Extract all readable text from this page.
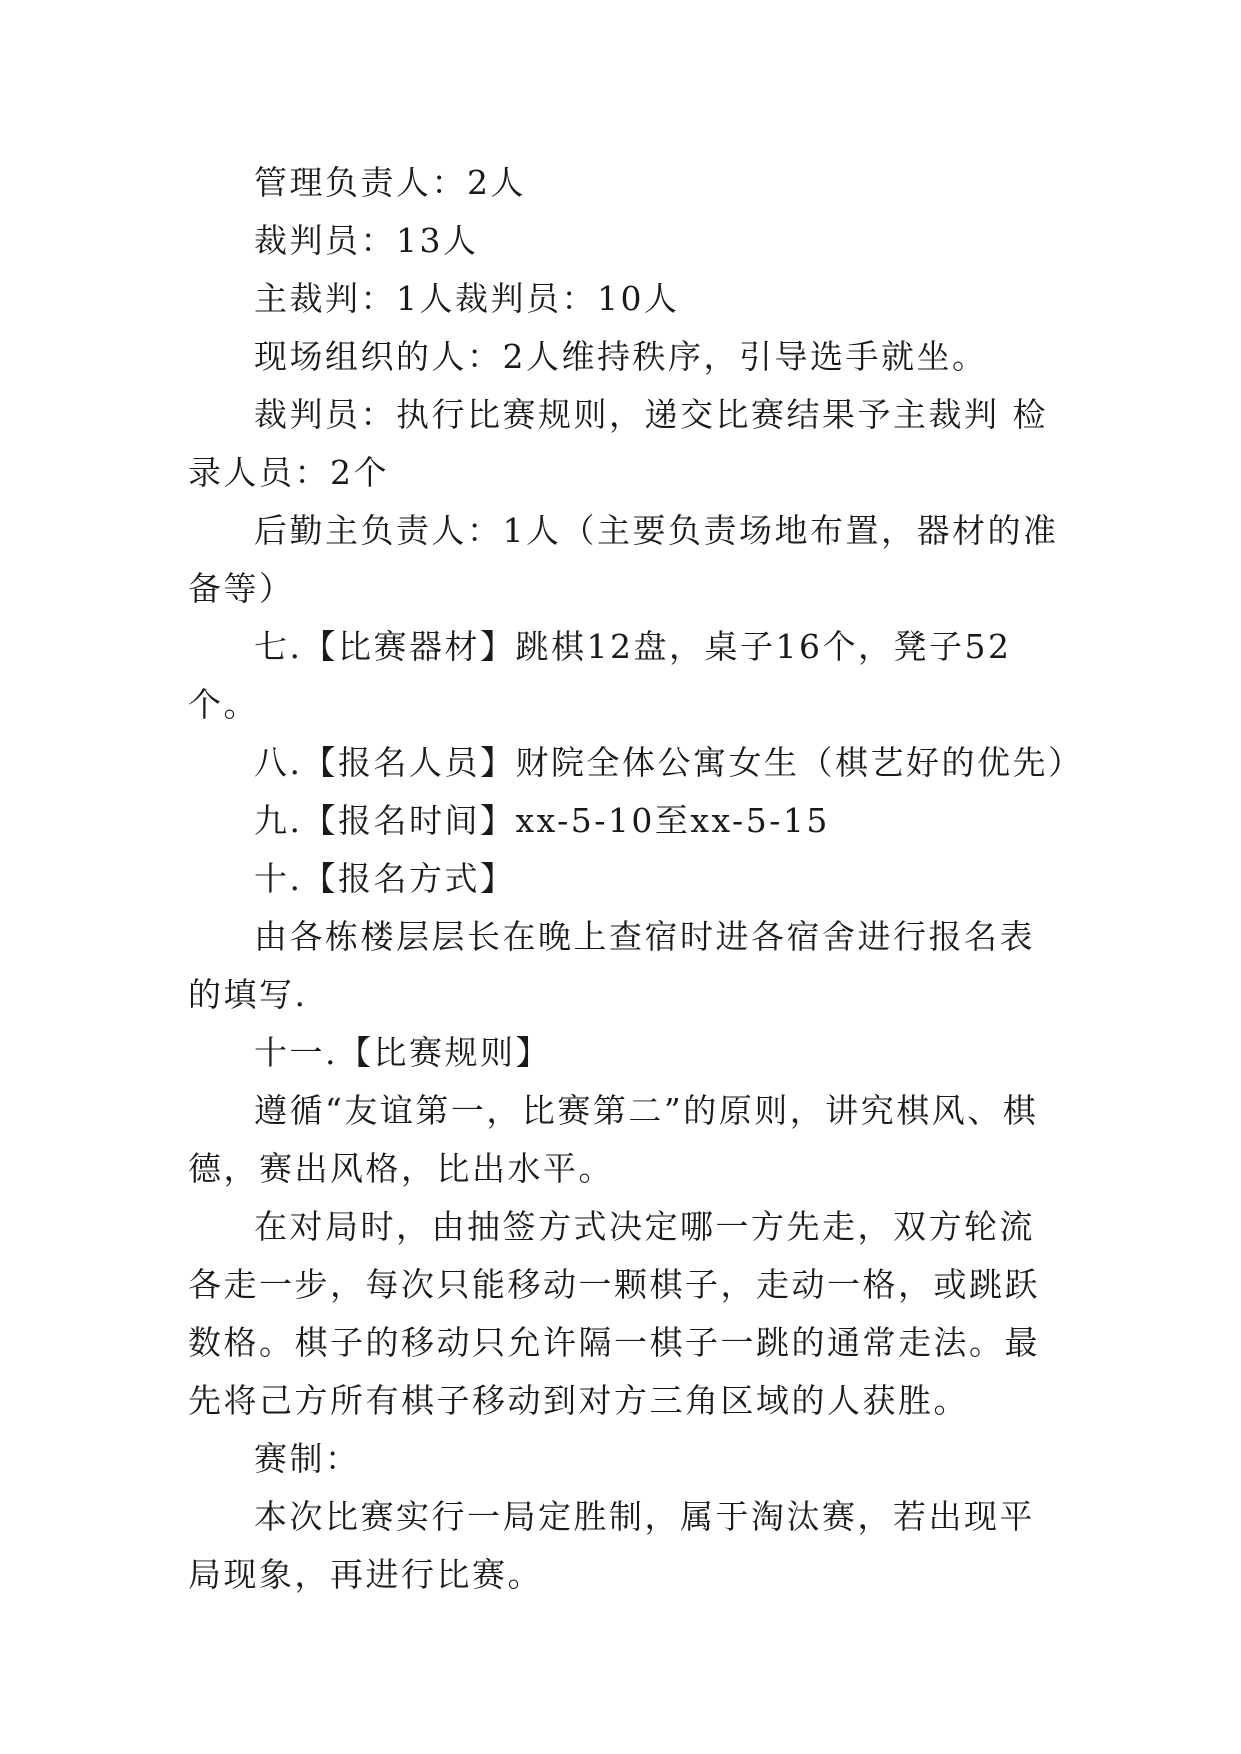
管理负责人：2人

裁判员：13人

主裁判：1人裁判员：10人

现场组织的人：2人维持秩序，引导选手就坐。

裁判员：执行比赛规则，递交比赛结果予主裁判 检录人员：2个

后勤主负责人：1人（主要负责场地布置，器材的准备等）

七.【比赛器材】跳棋12盘，桌子16个，凳子52个。

八.【报名人员】财院全体公寓女生（棋艺好的优先）

九.【报名时间】xx-5-10至xx-5-15

十.【报名方式】

由各栋楼层层长在晚上查宿时进各宿舍进行报名表的填写.

十一.【比赛规则】

遵循“友谊第一，比赛第二”的原则，讲究棋风、棋德，赛出风格，比出水平。

在对局时，由抽签方式决定哪一方先走，双方轮流各走一步，每次只能移动一颗棋子，走动一格，或跳跃数格。棋子的移动只允许隔一棋子一跳的通常走法。最先将己方所有棋子移动到对方三角区域的人获胜。

赛制：

本次比赛实行一局定胜制，属于淘汰赛，若出现平局现象，再进行比赛。
